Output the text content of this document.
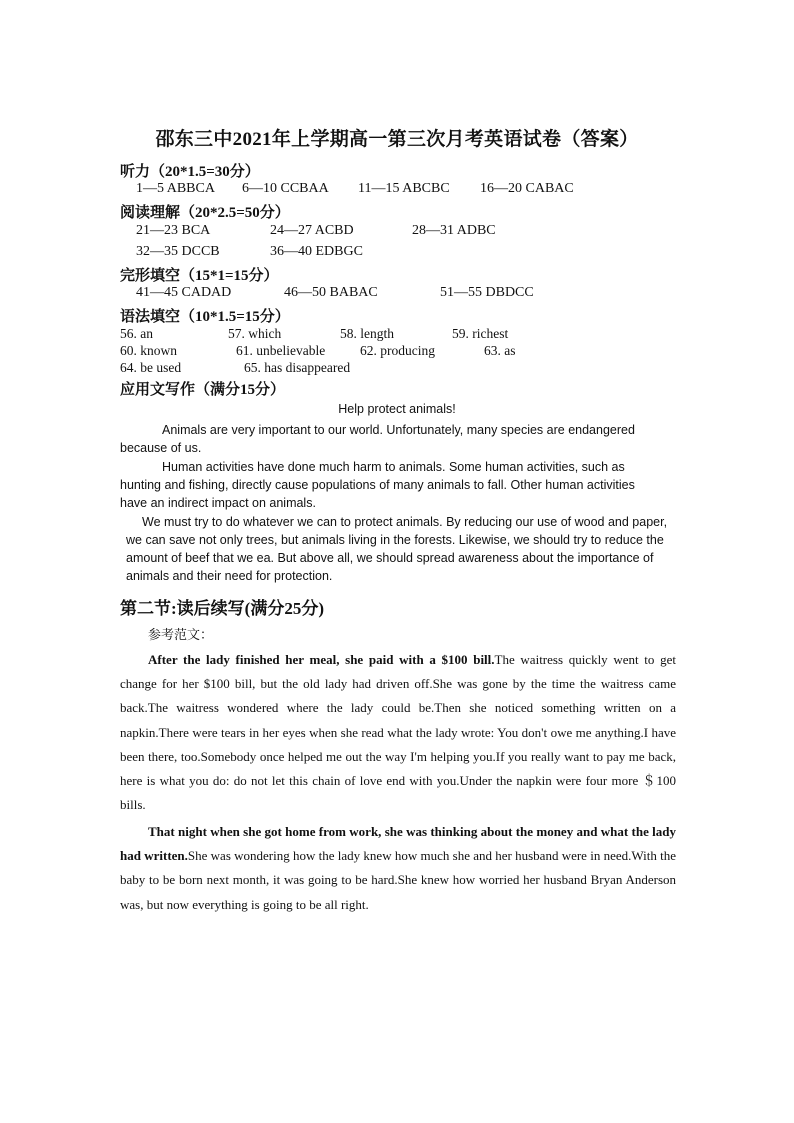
邵东三中2021年上学期高一第三次月考英语试卷（答案）
听力（20*1.5=30分）
1—5 ABBCA 6—10 CCBAA 11—15 ABCBC 16—20 CABAC
阅读理解（20*2.5=50分）
21—23 BCA	24—27 ACBD	28—31 ADBC
32—35 DCCB	36—40 EDBGC
完形填空（15*1=15分）
41—45 CADAD	46—50 BABAC	51—55 DBDCC
语法填空（10*1.5=15分）
56. an	57. which	58. length	59. richest
60. known	61. unbelievable	62. producing	63. as
64. be used	65. has disappeared
应用文写作（满分15分）
Help protect animals!
Animals are very important to our world. Unfortunately, many species are endangered because of us.
Human activities have done much harm to animals. Some human activities, such as hunting and fishing, directly cause populations of many animals to fall. Other human activities have an indirect impact on animals.
We must try to do whatever we can to protect animals. By reducing our use of wood and paper, we can save not only trees, but animals living in the forests. Likewise, we should try to reduce the amount of beef that we ea. But above all, we should spread awareness about the importance of animals and their need for protection.
第二节:读后续写(满分25分)
参考范文：
After the lady finished her meal, she paid with a $100 bill.The waitress quickly went to get change for her $100 bill, but the old lady had driven off.She was gone by the time the waitress came back.The waitress wondered where the lady could be.Then she noticed something written on a napkin.There were tears in her eyes when she read what the lady wrote: You don't owe me anything.I have been there, too.Somebody once helped me out the way I'm helping you.If you really want to pay me back, here is what you do: do not let this chain of love end with you.Under the napkin were four more ＄100 bills.
That night when she got home from work, she was thinking about the money and what the lady had written.She was wondering how the lady knew how much she and her husband were in need.With the baby to be born next month, it was going to be hard.She knew how worried her husband Bryan Anderson was, but now everything is going to be all right.
